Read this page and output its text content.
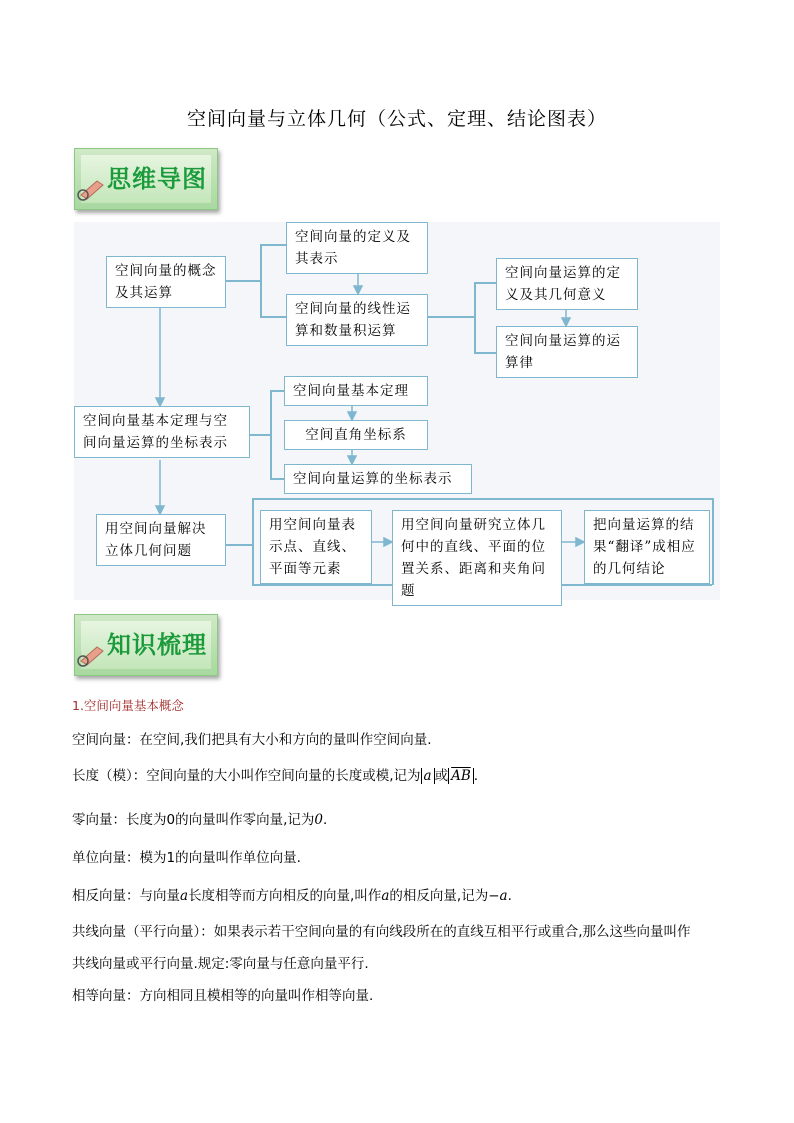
空间向量与立体几何（公式、定理、结论图表）
思维导图
空间向量的概念及其运算
空间向量的定义及其表示
空间向量的线性运算和数量积运算
空间向量运算的定义及其几何意义
空间向量运算的运算律
空间向量基本定理与空间向量运算的坐标表示
空间向量基本定理
空间直角坐标系
空间向量运算的坐标表示
用空间向量解决立体几何问题
用空间向量表示点、直线、平面等元素
用空间向量研究立体几何中的直线、平面的位置关系、距离和夹角问题
把向量运算的结果“翻译”成相应的几何结论
知识梳理
1.空间向量基本概念
空间向量：在空间,我们把具有大小和方向的量叫作空间向量.
长度（模）：空间向量的大小叫作空间向量的长度或模,记为 a 或 $\overline{AB}$ .
零向量：长度为0的向量叫作零向量,记为0.
单位向量：模为1的向量叫作单位向量.
相反向量：与向量a长度相等而方向相反的向量,叫作a的相反向量,记为−a.
共线向量（平行向量）：如果表示若干空间向量的有向线段所在的直线互相平行或重合,那么这些向量叫作
共线向量或平行向量.规定:零向量与任意向量平行.
相等向量：方向相同且模相等的向量叫作相等向量.
